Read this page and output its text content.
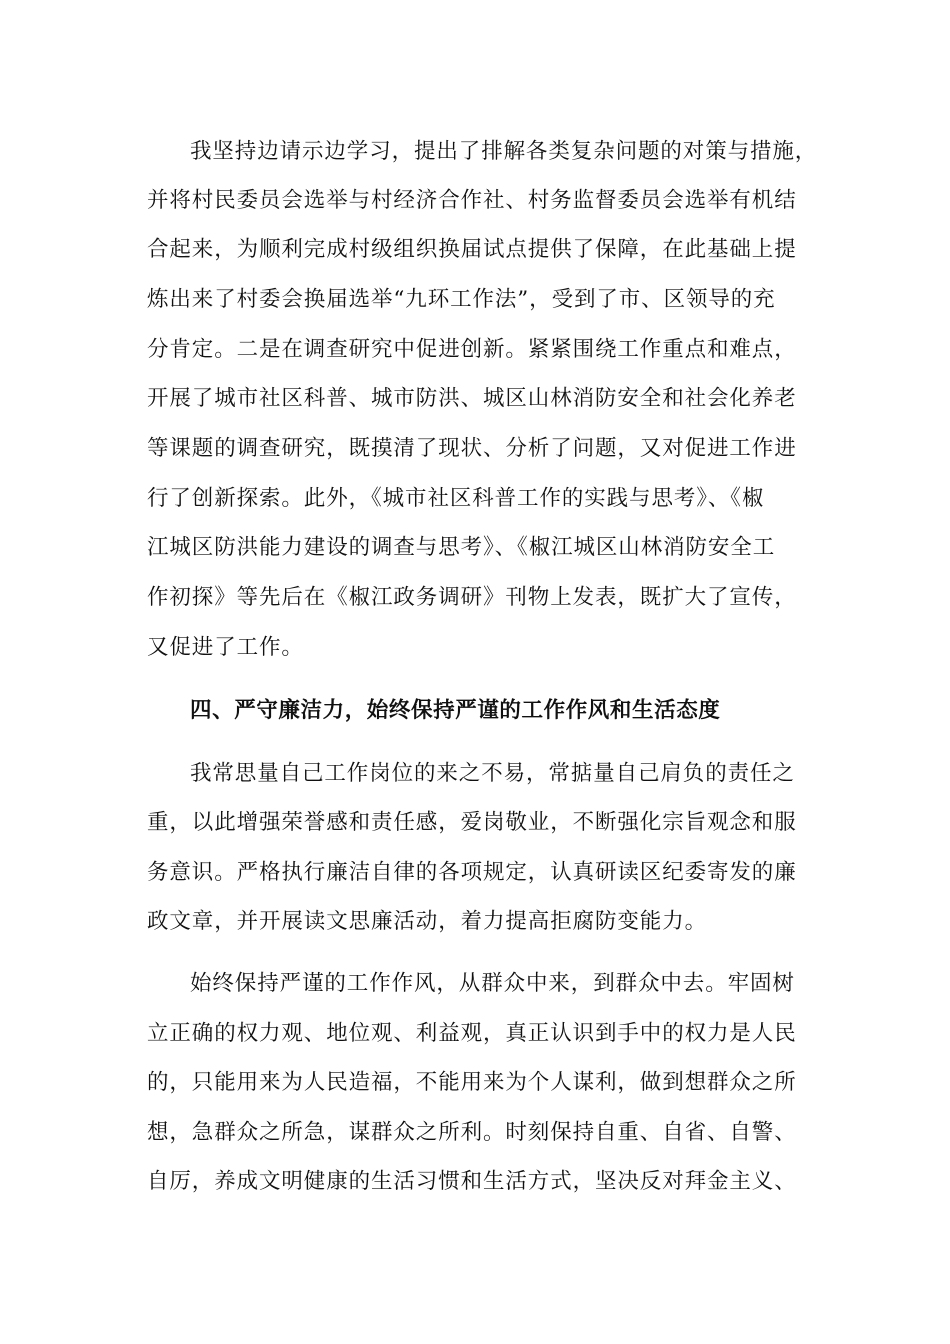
我坚持边请示边学习，提出了排解各类复杂问题的对策与措施，
并将村民委员会选举与村经济合作社、村务监督委员会选举有机结
合起来，为顺利完成村级组织换届试点提供了保障，在此基础上提
炼出来了村委会换届选举“九环工作法”，受到了市、区领导的充
分肯定。二是在调查研究中促进创新。紧紧围绕工作重点和难点，
开展了城市社区科普、城市防洪、城区山林消防安全和社会化养老
等课题的调查研究，既摸清了现状、分析了问题，又对促进工作进
行了创新探索。此外，《城市社区科普工作的实践与思考》、《椒
江城区防洪能力建设的调查与思考》、《椒江城区山林消防安全工
作初探》等先后在《椒江政务调研》刊物上发表，既扩大了宣传，
又促进了工作。
四、严守廉洁力，始终保持严谨的工作作风和生活态度
我常思量自己工作岗位的来之不易，常掂量自己肩负的责任之
重，以此增强荣誉感和责任感，爱岗敬业，不断强化宗旨观念和服
务意识。严格执行廉洁自律的各项规定，认真研读区纪委寄发的廉
政文章，并开展读文思廉活动，着力提高拒腐防变能力。
始终保持严谨的工作作风，从群众中来，到群众中去。牢固树
立正确的权力观、地位观、利益观，真正认识到手中的权力是人民
的，只能用来为人民造福，不能用来为个人谋利，做到想群众之所
想，急群众之所急，谋群众之所利。时刻保持自重、自省、自警、
自厉，养成文明健康的生活习惯和生活方式，坚决反对拜金主义、
